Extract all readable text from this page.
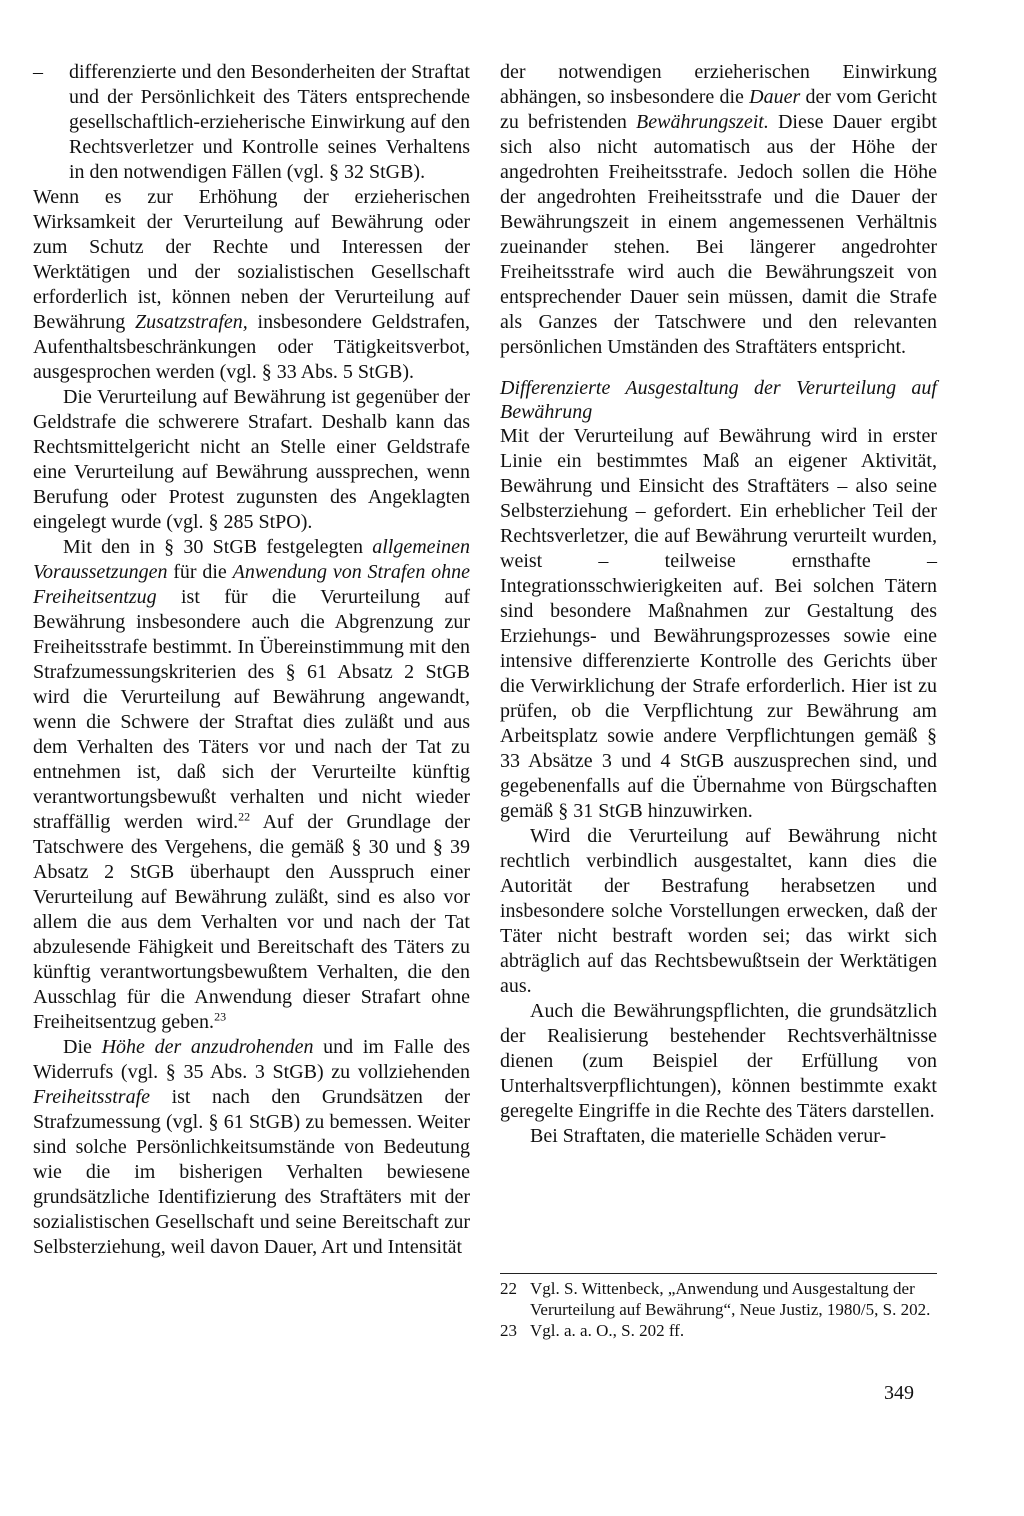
–	differenzierte und den Besonderheiten der Straftat und der Persönlichkeit des Täters entsprechende gesellschaftlich-erzieherische Einwirkung auf den Rechtsverletzer und Kontrolle seines Verhaltens in den notwendigen Fällen (vgl. § 32 StGB).

Wenn es zur Erhöhung der erzieherischen Wirksamkeit der Verurteilung auf Bewährung oder zum Schutz der Rechte und Interessen der Werktätigen und der sozialistischen Gesellschaft erforderlich ist, können neben der Verurteilung auf Bewährung Zusatzstrafen, insbesondere Geldstrafen, Aufenthaltsbeschränkungen oder Tätigkeitsverbot, ausgesprochen werden (vgl. § 33 Abs. 5 StGB).

Die Verurteilung auf Bewährung ist gegenüber der Geldstrafe die schwerere Strafart. Deshalb kann das Rechtsmittelgericht nicht an Stelle einer Geldstrafe eine Verurteilung auf Bewährung aussprechen, wenn Berufung oder Protest zugunsten des Angeklagten eingelegt wurde (vgl. § 285 StPO).

Mit den in § 30 StGB festgelegten allgemeinen Voraussetzungen für die Anwendung von Strafen ohne Freiheitsentzug ist für die Verurteilung auf Bewährung insbesondere auch die Abgrenzung zur Freiheitsstrafe bestimmt. In Übereinstimmung mit den Strafzumessungskriterien des § 61 Absatz 2 StGB wird die Verurteilung auf Bewährung angewandt, wenn die Schwere der Straftat dies zuläßt und aus dem Verhalten des Täters vor und nach der Tat zu entnehmen ist, daß sich der Verurteilte künftig verantwortungsbewußt verhalten und nicht wieder straffällig werden wird.$^{22}$ Auf der Grundlage der Tatschwere des Vergehens, die gemäß § 30 und § 39 Absatz 2 StGB überhaupt den Ausspruch einer Verurteilung auf Bewährung zuläßt, sind es also vor allem die aus dem Verhalten vor und nach der Tat abzulesende Fähigkeit und Bereitschaft des Täters zu künftig verantwortungsbewußtem Verhalten, die den Ausschlag für die Anwendung dieser Strafart ohne Freiheitsentzug geben.$^{23}$

Die Höhe der anzudrohenden und im Falle des Widerrufs (vgl. § 35 Abs. 3 StGB) zu vollziehenden Freiheitsstrafe ist nach den Grundsätzen der Strafzumessung (vgl. § 61 StGB) zu bemessen. Weiter sind solche Persönlichkeitsumstände von Bedeutung wie die im bisherigen Verhalten bewiesene grundsätzliche Identifizierung des Straftäters mit der sozialistischen Gesellschaft und seine Bereitschaft zur Selbsterziehung, weil davon Dauer, Art und Intensität

der notwendigen erzieherischen Einwirkung abhängen, so insbesondere die Dauer der vom Gericht zu befristenden Bewährungszeit. Diese Dauer ergibt sich also nicht automatisch aus der Höhe der angedrohten Freiheitsstrafe. Jedoch sollen die Höhe der angedrohten Freiheitsstrafe und die Dauer der Bewährungszeit in einem angemessenen Verhältnis zueinander stehen. Bei längerer angedrohter Freiheitsstrafe wird auch die Bewährungszeit von entsprechender Dauer sein müssen, damit die Strafe als Ganzes der Tatschwere und den relevanten persönlichen Umständen des Straftäters entspricht.

Differenzierte Ausgestaltung der Verurteilung auf Bewährung

Mit der Verurteilung auf Bewährung wird in erster Linie ein bestimmtes Maß an eigener Aktivität, Bewährung und Einsicht des Straftäters – also seine Selbsterziehung – gefordert. Ein erheblicher Teil der Rechtsverletzer, die auf Bewährung verurteilt wurden, weist – teilweise ernsthafte – Integrationsschwierigkeiten auf. Bei solchen Tätern sind besondere Maßnahmen zur Gestaltung des Erziehungs- und Bewährungsprozesses sowie eine intensive differenzierte Kontrolle des Gerichts über die Verwirklichung der Strafe erforderlich. Hier ist zu prüfen, ob die Verpflichtung zur Bewährung am Arbeitsplatz sowie andere Verpflichtungen gemäß § 33 Absätze 3 und 4 StGB auszusprechen sind, und gegebenenfalls auf die Übernahme von Bürgschaften gemäß § 31 StGB hinzuwirken.

Wird die Verurteilung auf Bewährung nicht rechtlich verbindlich ausgestaltet, kann dies die Autorität der Bestrafung herabsetzen und insbesondere solche Vorstellungen erwecken, daß der Täter nicht bestraft worden sei; das wirkt sich abträglich auf das Rechtsbewußtsein der Werktätigen aus.

Auch die Bewährungspflichten, die grundsätzlich der Realisierung bestehender Rechtsverhältnisse dienen (zum Beispiel der Erfüllung von Unterhaltsverpflichtungen), können bestimmte exakt geregelte Eingriffe in die Rechte des Täters darstellen.

Bei Straftaten, die materielle Schäden verur-

22 Vgl. S. Wittenbeck, „Anwendung und Ausgestaltung der Verurteilung auf Bewährung“, Neue Justiz, 1980/5, S. 202.
23 Vgl. a. a. O., S. 202 ff.
349
